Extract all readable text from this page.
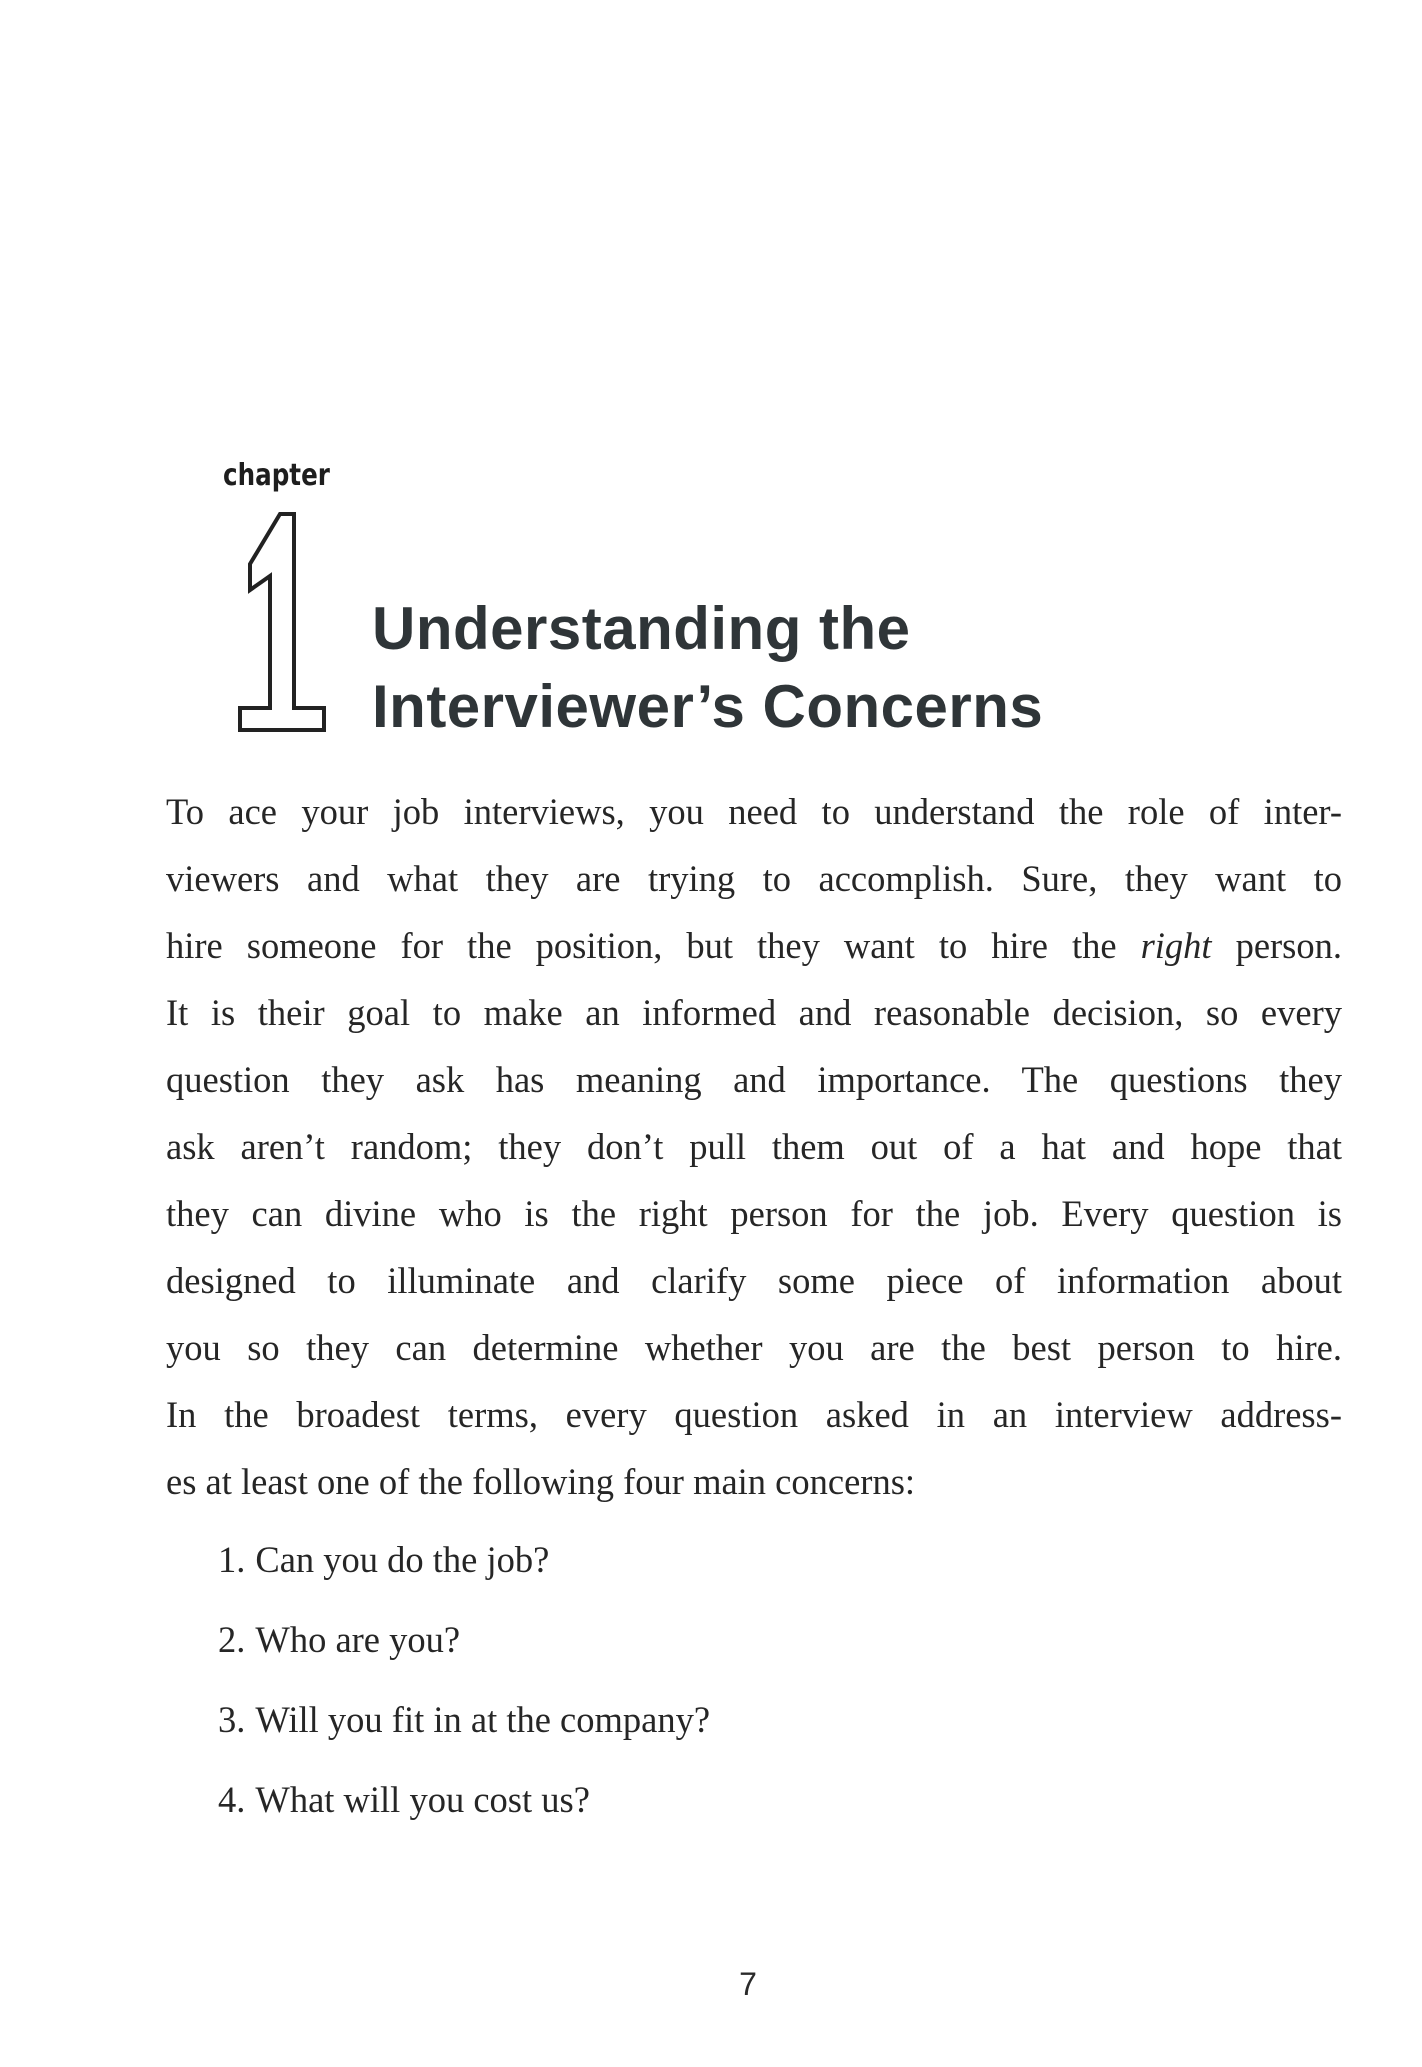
chapter
Understanding the
Interviewer’s Concerns
To ace your job interviews, you need to understand the role of inter-
viewers and what they are trying to accomplish. Sure, they want to
hire someone for the position, but they want to hire the right person.
It is their goal to make an informed and reasonable decision, so every
question they ask has meaning and importance. The questions they
ask aren’t random; they don’t pull them out of a hat and hope that
they can divine who is the right person for the job. Every question is
designed to illuminate and clarify some piece of information about
you so they can determine whether you are the best person to hire.
In the broadest terms, every question asked in an interview address-
es at least one of the following four main concerns:
1. Can you do the job?
2. Who are you?
3. Will you fit in at the company?
4. What will you cost us?
7
